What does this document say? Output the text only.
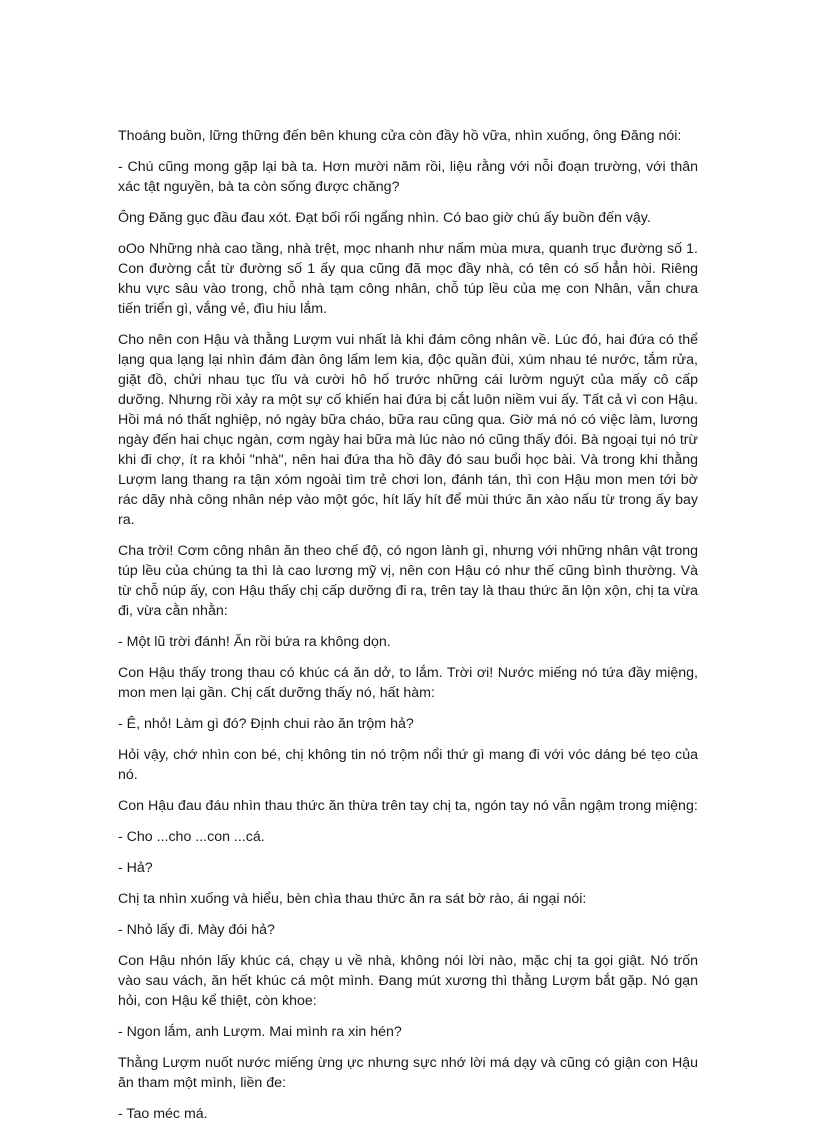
Thoáng buồn, lững thững đến bên khung cửa còn đầy hồ vữa, nhìn xuống, ông Đăng nói:

- Chú cũng mong gặp lại bà ta. Hơn mười năm rồi, liệu rằng với nỗi đoạn trường, với thân xác tật nguyền, bà ta còn sống được chăng?

Ông Đăng gục đầu đau xót. Đạt bối rối ngẩng nhìn. Có bao giờ chú ấy buồn đến vậy.

oOo Những nhà cao tầng, nhà trệt, mọc nhanh như nấm mùa mưa, quanh trục đường số 1. Con đường cắt từ đường số 1 ấy qua cũng đã mọc đầy nhà, có tên có số hẳn hòi. Riêng khu vực sâu vào trong, chỗ nhà tạm công nhân, chỗ túp lều của mẹ con Nhân, vẫn chưa tiến triển gì, vắng vẻ, đìu hiu lắm.

Cho nên con Hậu và thằng Lượm vui nhất là khi đám công nhân về. Lúc đó, hai đứa có thể lạng qua lạng lại nhìn đám đàn ông lấm lem kia, độc quần đùi, xúm nhau té nước, tắm rửa, giặt đồ, chửi nhau tục tĩu và cười hô hố trước những cái lườm nguýt của mấy cô cấp dưỡng. Nhưng rồi xảy ra một sự cố khiến hai đứa bị cắt luôn niềm vui ấy. Tất cả vì con Hậu. Hồi má nó thất nghiệp, nó ngày bữa cháo, bữa rau cũng qua. Giờ má nó có việc làm, lương ngày đến hai chục ngàn, cơm ngày hai bữa mà lúc nào nó cũng thấy đói. Bà ngoại tụi nó trừ khi đi chợ, ít ra khỏi "nhà", nên hai đứa tha hồ đây đó sau buổi học bài. Và trong khi thằng Lượm lang thang ra tận xóm ngoài tìm trẻ chơi lon, đánh tán, thì con Hậu mon men tới bờ rác dãy nhà công nhân nép vào một góc, hít lấy hít để mùi thức ăn xào nấu từ trong ấy bay ra.

Cha trời! Cơm công nhân ăn theo chế độ, có ngon lành gì, nhưng với những nhân vật trong túp lều của chúng ta thì là cao lương mỹ vị, nên con Hậu có như thế cũng bình thường. Và từ chỗ núp ấy, con Hậu thấy chị cấp dưỡng đi ra, trên tay là thau thức ăn lộn xộn, chị ta vừa đi, vừa cằn nhằn:

- Một lũ trời đánh! Ăn rồi bứa ra không dọn.

Con Hậu thấy trong thau có khúc cá ăn dở, to lắm. Trời ơi! Nước miếng nó tứa đầy miệng, mon men lại gần. Chị cất dưỡng thấy nó, hất hàm:

- Ê, nhỏ! Làm gì đó? Định chui rào ăn trộm hả?

Hỏi vậy, chớ nhìn con bé, chị không tin nó trộm nổi thứ gì mang đi với vóc dáng bé tẹo của nó.

Con Hậu đau đáu nhìn thau thức ăn thừa trên tay chị ta, ngón tay nó vẫn ngậm trong miệng:

- Cho ...cho ...con ...cá.

- Hả?

Chị ta nhìn xuống và hiểu, bèn chìa thau thức ăn ra sát bờ rào, ái ngại nói:

- Nhỏ lấy đi. Mày đói hả?

Con Hậu nhón lấy khúc cá, chạy u về nhà, không nói lời nào, mặc chị ta gọi giật. Nó trốn vào sau vách, ăn hết khúc cá một mình. Đang mút xương thì thằng Lượm bắt gặp. Nó gạn hỏi, con Hậu kể thiệt, còn khoe:

- Ngon lắm, anh Lượm. Mai mình ra xin hén?

Thằng Lượm nuốt nước miếng ừng ực nhưng sực nhớ lời má dạy và cũng có giận con Hậu ăn tham một mình, liền đe:

- Tao méc má.
